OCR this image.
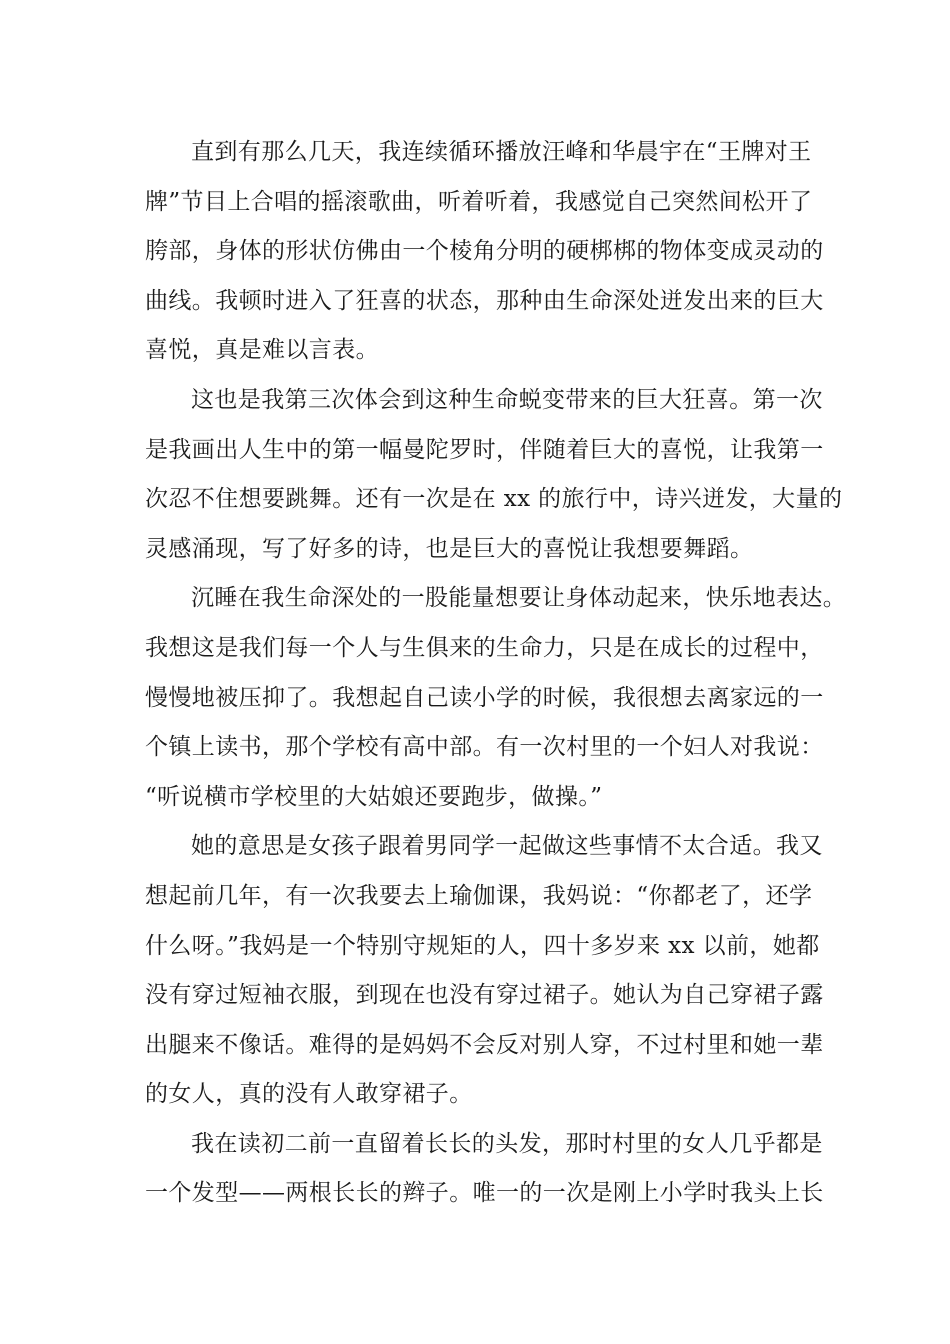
直到有那么几天，我连续循环播放汪峰和华晨宇在“王牌对王
牌”节目上合唱的摇滚歌曲，听着听着，我感觉自己突然间松开了
胯部，身体的形状仿佛由一个棱角分明的硬梆梆的物体变成灵动的
曲线。我顿时进入了狂喜的状态，那种由生命深处迸发出来的巨大
喜悦，真是难以言表。
这也是我第三次体会到这种生命蜕变带来的巨大狂喜。第一次
是我画出人生中的第一幅曼陀罗时，伴随着巨大的喜悦，让我第一
次忍不住想要跳舞。还有一次是在 xx 的旅行中，诗兴迸发，大量的
灵感涌现，写了好多的诗，也是巨大的喜悦让我想要舞蹈。
沉睡在我生命深处的一股能量想要让身体动起来，快乐地表达。
我想这是我们每一个人与生俱来的生命力，只是在成长的过程中，
慢慢地被压抑了。我想起自己读小学的时候，我很想去离家远的一
个镇上读书，那个学校有高中部。有一次村里的一个妇人对我说：
“听说横市学校里的大姑娘还要跑步，做操。”
她的意思是女孩子跟着男同学一起做这些事情不太合适。我又
想起前几年，有一次我要去上瑜伽课，我妈说：“你都老了，还学
什么呀。”我妈是一个特别守规矩的人，四十多岁来 xx 以前，她都
没有穿过短袖衣服，到现在也没有穿过裙子。她认为自己穿裙子露
出腿来不像话。难得的是妈妈不会反对别人穿，不过村里和她一辈
的女人，真的没有人敢穿裙子。
我在读初二前一直留着长长的头发，那时村里的女人几乎都是
一个发型——两根长长的辫子。唯一的一次是刚上小学时我头上长
